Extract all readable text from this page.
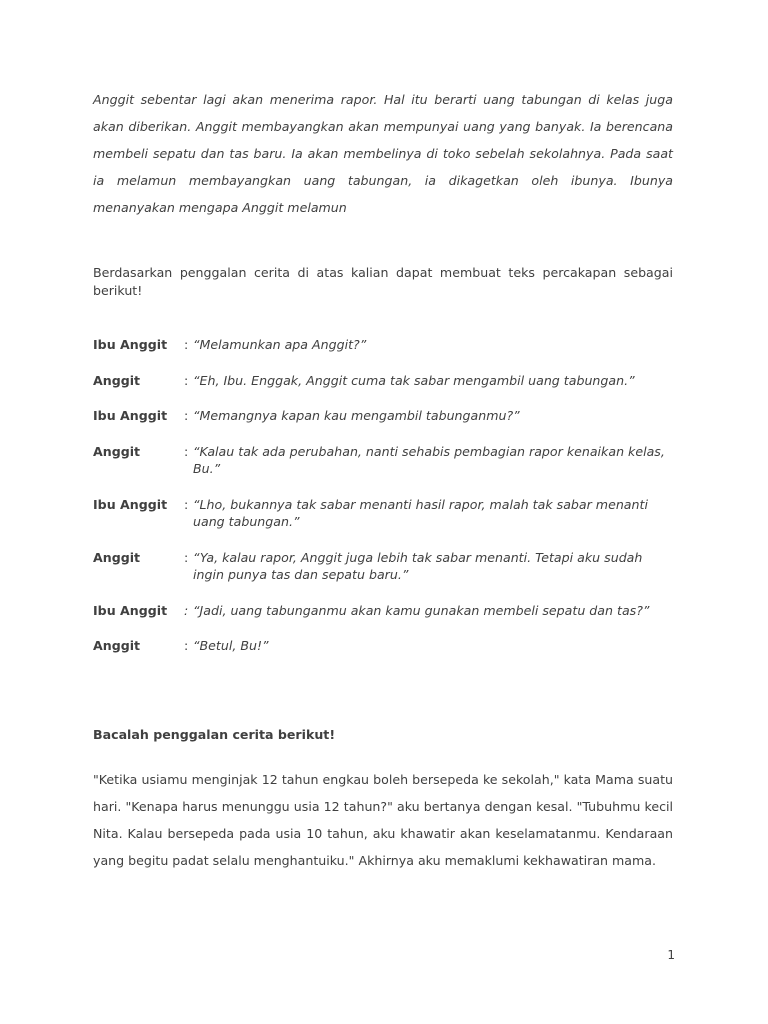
Anggit sebentar lagi akan menerima rapor. Hal itu berarti uang tabungan di kelas juga akan diberikan. Anggit membayangkan akan mempunyai uang yang banyak. Ia berencana membeli sepatu dan tas baru. Ia akan membelinya di toko sebelah sekolahnya. Pada saat ia melamun membayangkan uang tabungan, ia dikagetkan oleh ibunya. Ibunya menanyakan mengapa Anggit melamun

Berdasarkan penggalan cerita di atas kalian dapat membuat teks percakapan sebagai berikut!

Ibu Anggit	: “Melamunkan apa Anggit?”
Anggit	: “Eh, Ibu. Enggak, Anggit cuma tak sabar mengambil uang tabungan.”
Ibu Anggit	: “Memangnya kapan kau mengambil tabunganmu?”
Anggit	: “Kalau tak ada perubahan, nanti sehabis pembagian rapor kenaikan kelas, Bu.”
Ibu Anggit	: “Lho, bukannya tak sabar menanti hasil rapor, malah tak sabar menanti uang tabungan.”
Anggit	: “Ya, kalau rapor, Anggit juga lebih tak sabar menanti. Tetapi aku sudah ingin punya tas dan sepatu baru.”
Ibu Anggit	: “Jadi, uang tabunganmu akan kamu gunakan membeli sepatu dan tas?”
Anggit	: “Betul, Bu!”

Bacalah penggalan cerita berikut!

"Ketika usiamu menginjak 12 tahun engkau boleh bersepeda ke sekolah," kata Mama suatu hari. "Kenapa harus menunggu usia 12 tahun?" aku bertanya dengan kesal. "Tubuhmu kecil Nita. Kalau bersepeda pada usia 10 tahun, aku khawatir akan keselamatanmu. Kendaraan yang begitu padat selalu menghantuiku." Akhirnya aku memaklumi kekhawatiran mama.

1
